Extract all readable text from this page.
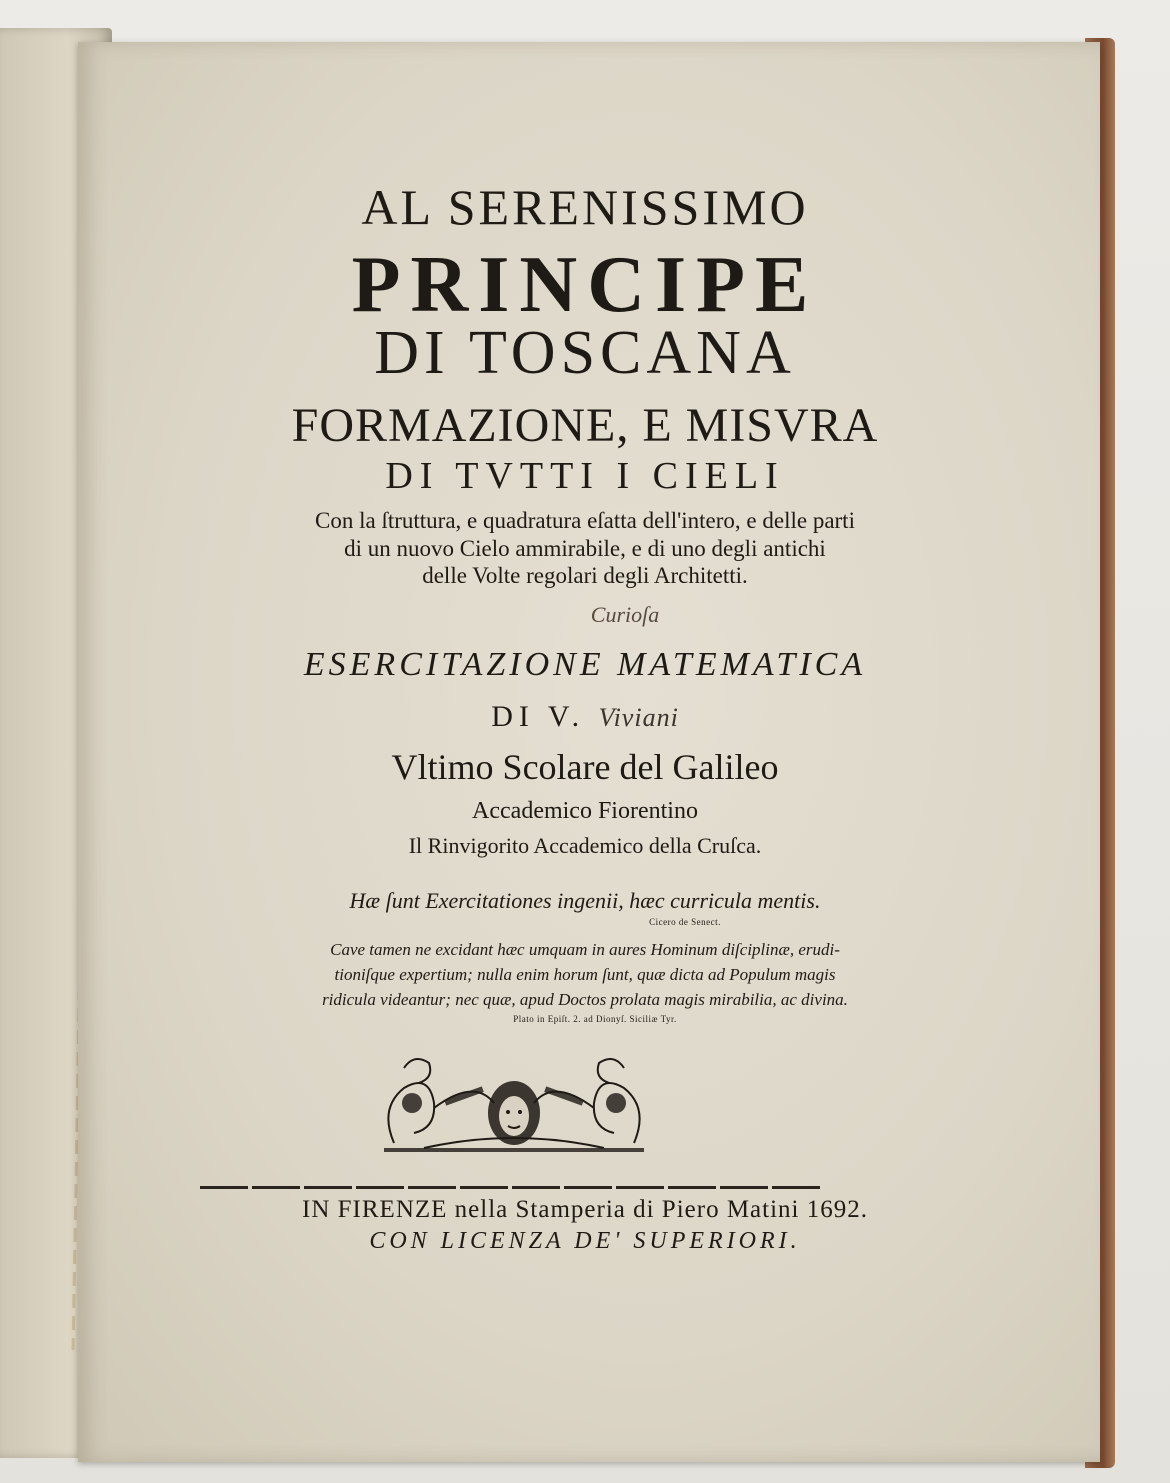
AL SERENISSIMO
PRINCIPE
DI TOSCANA
FORMAZIONE, E MISVRA
DI TVTTI I CIELI
Con la ſtruttura, e quadratura eſatta dell'intero, e delle parti
di un nuovo Cielo ammirabile, e di uno degli antichi
delle Volte regolari degli Architetti.
Curioſa
ESERCITAZIONE MATEMATICA
DI V. Viviani
Vltimo Scolare del Galileo
Accademico Fiorentino
Il Rinvigorito Accademico della Cruſca.
Hæ ſunt Exercitationes ingenii, hæc curricula mentis.
Cicero de Senect.
Cave tamen ne excidant hæc umquam in aures Hominum diſciplinæ, erudi-
tioniſque expertium; nulla enim horum ſunt, quæ dicta ad Populum magis
ridicula videantur; nec quæ, apud Doctos prolata magis mirabilia, ac divina.
Plato in Epiſt. 2. ad Dionyſ. Siciliæ Tyr.
IN FIRENZE nella Stamperia di Piero Matini 1692.
CON LICENZA DE' SUPERIORI.
